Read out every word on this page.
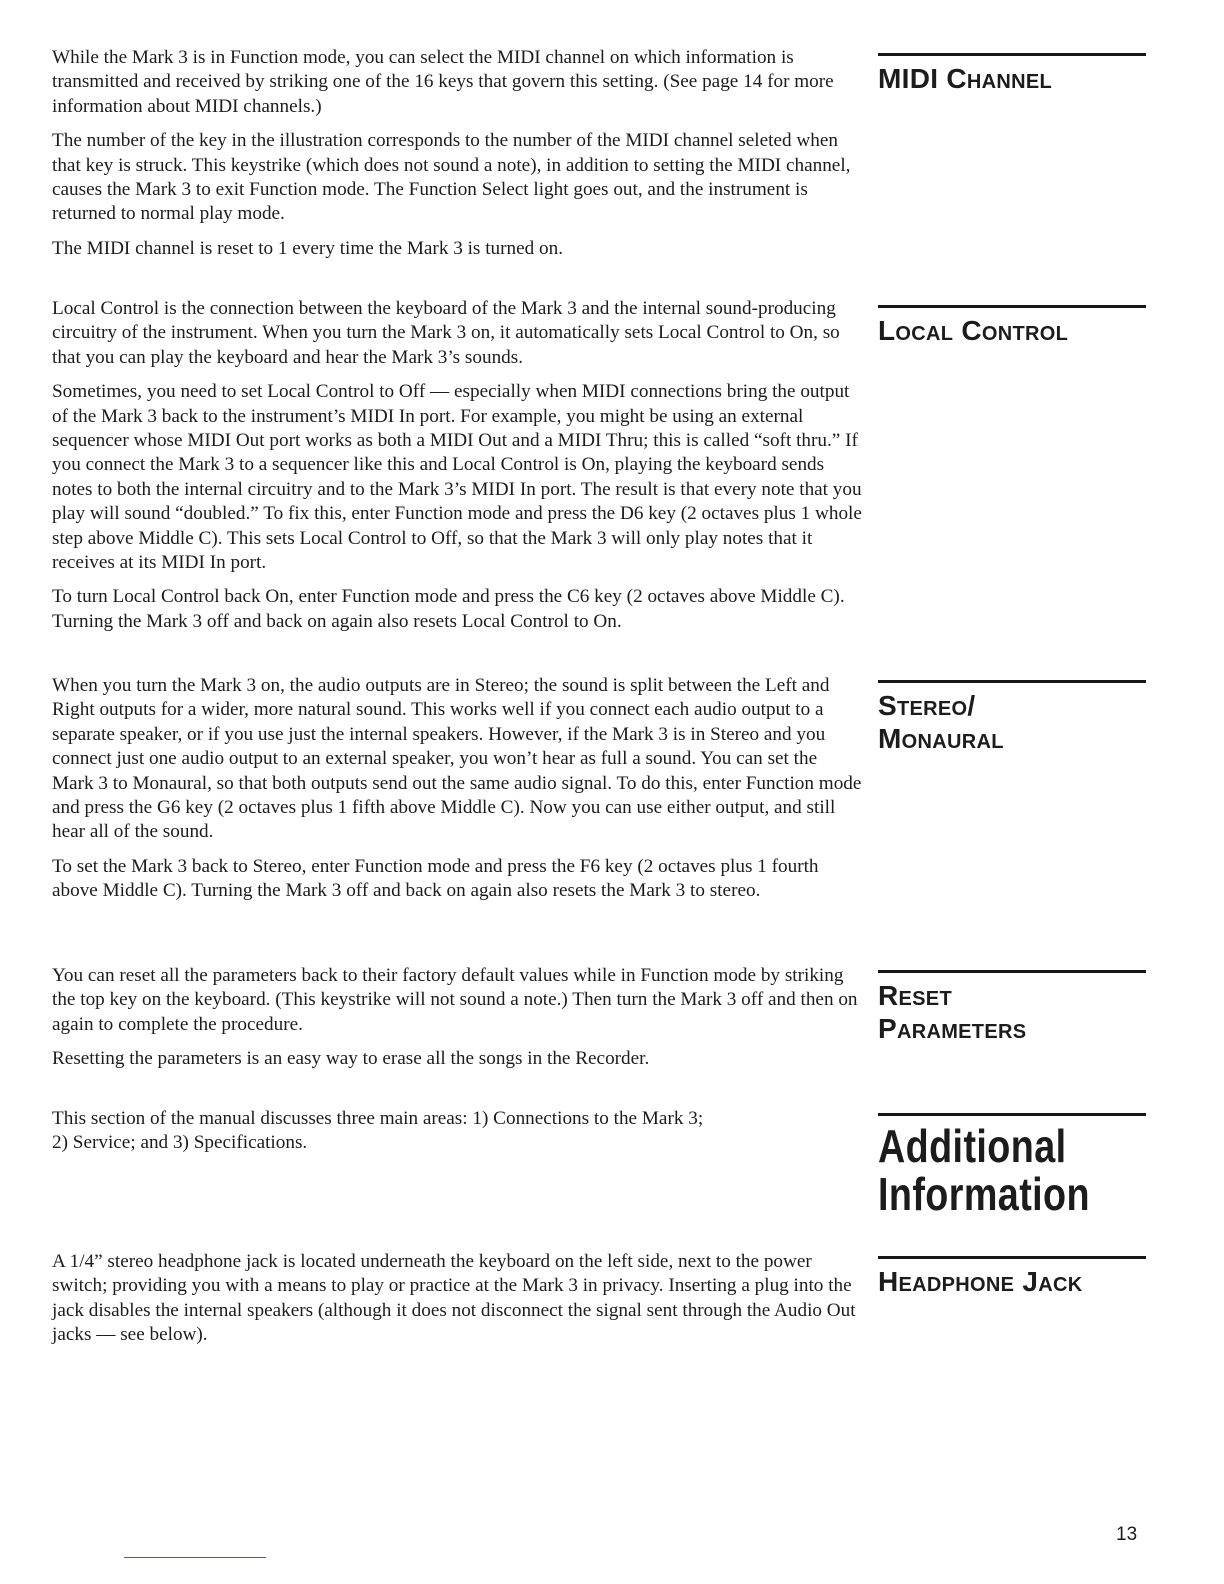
While the Mark 3 is in Function mode, you can select the MIDI channel on which information is transmitted and received by striking one of the 16 keys that govern this setting. (See page 14 for more information about MIDI channels.)

The number of the key in the illustration corresponds to the number of the MIDI channel seleted when that key is struck. This keystrike (which does not sound a note), in addition to setting the MIDI channel, causes the Mark 3 to exit Function mode. The Function Select light goes out, and the instrument is returned to normal play mode.

The MIDI channel is reset to 1 every time the Mark 3 is turned on.

MIDI Channel

Local Control is the connection between the keyboard of the Mark 3 and the internal sound-producing circuitry of the instrument. When you turn the Mark 3 on, it automatically sets Local Control to On, so that you can play the keyboard and hear the Mark 3’s sounds.

Sometimes, you need to set Local Control to Off — especially when MIDI connections bring the output of the Mark 3 back to the instrument’s MIDI In port. For example, you might be using an external sequencer whose MIDI Out port works as both a MIDI Out and a MIDI Thru; this is called “soft thru.” If you connect the Mark 3 to a sequencer like this and Local Control is On, playing the keyboard sends notes to both the internal circuitry and to the Mark 3’s MIDI In port. The result is that every note that you play will sound “doubled.” To fix this, enter Function mode and press the D6 key (2 octaves plus 1 whole step above Middle C). This sets Local Control to Off, so that the Mark 3 will only play notes that it receives at its MIDI In port.

To turn Local Control back On, enter Function mode and press the C6 key (2 octaves above Middle C). Turning the Mark 3 off and back on again also resets Local Control to On.

Local Control

When you turn the Mark 3 on, the audio outputs are in Stereo; the sound is split between the Left and Right outputs for a wider, more natural sound. This works well if you connect each audio output to a separate speaker, or if you use just the internal speakers. However, if the Mark 3 is in Stereo and you connect just one audio output to an external speaker, you won’t hear as full a sound. You can set the Mark 3 to Monaural, so that both outputs send out the same audio signal. To do this, enter Function mode and press the G6 key (2 octaves plus 1 fifth above Middle C). Now you can use either output, and still hear all of the sound.

To set the Mark 3 back to Stereo, enter Function mode and press the F6 key (2 octaves plus 1 fourth above Middle C). Turning the Mark 3 off and back on again also resets the Mark 3 to stereo.

Stereo/
Monaural

You can reset all the parameters back to their factory default values while in Function mode by striking the top key on the keyboard. (This keystrike will not sound a note.) Then turn the Mark 3 off and then on again to complete the procedure.

Resetting the parameters is an easy way to erase all the songs in the Recorder.

Reset
Parameters

This section of the manual discusses three main areas: 1) Connections to the Mark 3;
2) Service; and 3) Specifications.	Additional
Information

A 1/4” stereo headphone jack is located underneath the keyboard on the left side, next to the power switch; providing you with a means to play or practice at the Mark 3 in privacy. Inserting a plug into the jack disables the internal speakers (although it does not disconnect the signal sent through the Audio Out jacks — see below).

Headphone Jack
13
